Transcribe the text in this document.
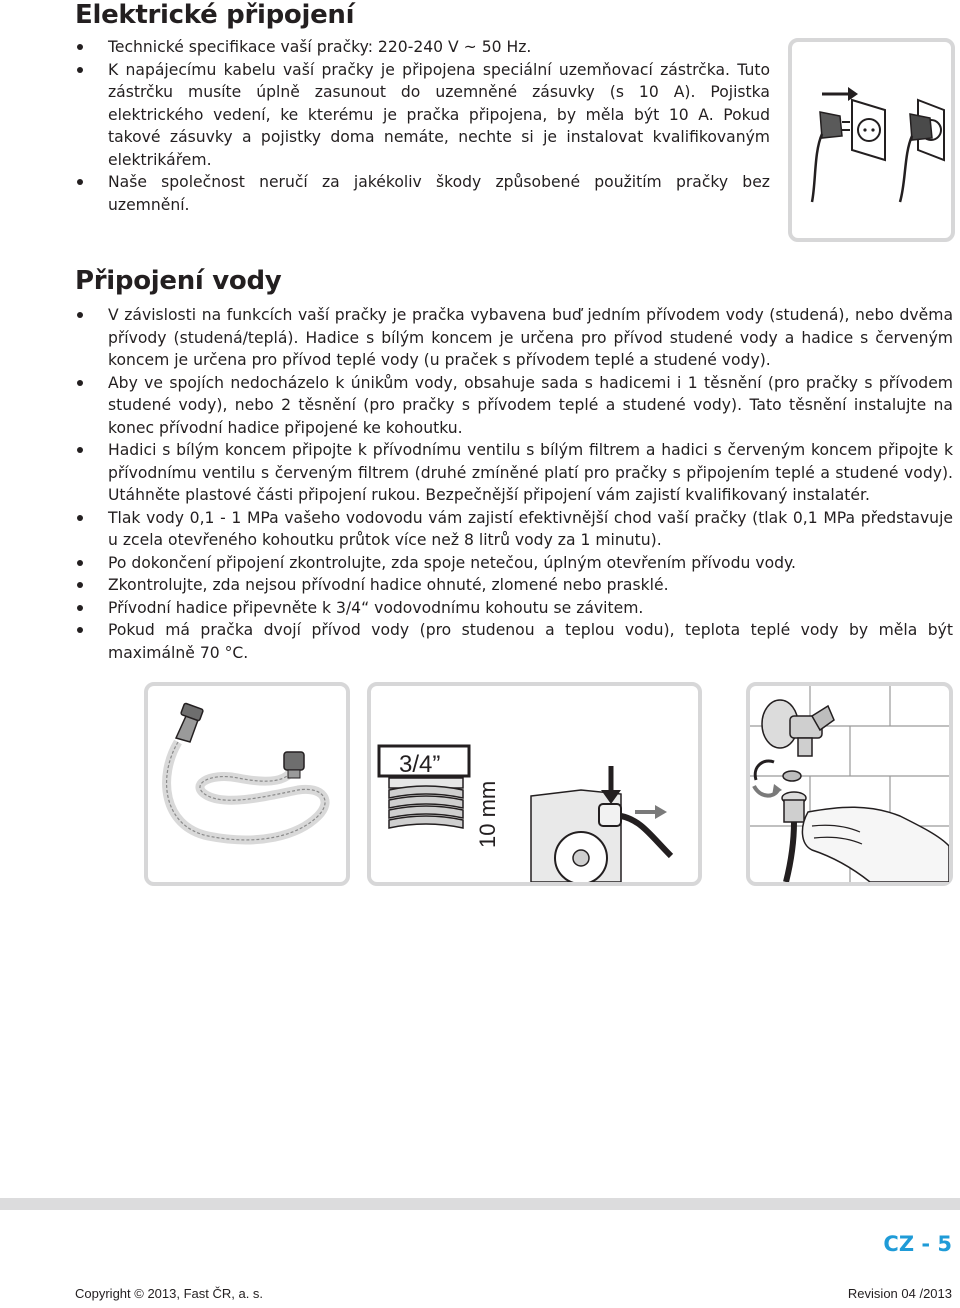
Elektrické připojení
Technické specifikace vaší pračky: 220-240 V ~ 50 Hz.
K napájecímu kabelu vaší pračky je připojena speciální uzemňovací zástrčka. Tuto zástrčku musíte úplně zasunout do uzemněné zásuvky (s 10 A). Pojistka elektrického vedení, ke kterému je pračka připojena, by měla být 10 A. Pokud takové zásuvky a pojistky doma nemáte, nechte si je instalovat kvalifikovaným elektrikářem.
Naše společnost neručí za jakékoliv škody způsobené použitím pračky bez uzemnění.
Připojení vody
V závislosti na funkcích vaší pračky je pračka vybavena buď jedním přívodem vody (studená), nebo dvěma přívody (studená/teplá). Hadice s bílým koncem je určena pro přívod studené vody a hadice s červeným koncem je určena pro přívod teplé vody (u praček s přívodem teplé a studené vody).
Aby ve spojích nedocházelo k únikům vody, obsahuje sada s hadicemi i 1 těsnění (pro pračky s přívodem studené vody), nebo 2 těsnění (pro pračky s přívodem teplé a studené vody). Tato těsnění instalujte na konec přívodní hadice připojené ke kohoutku.
Hadici s bílým koncem připojte k přívodnímu ventilu s bílým filtrem a hadici s červeným koncem připojte k přívodnímu ventilu s červeným filtrem (druhé zmíněné platí pro pračky s připojením teplé a studené vody). Utáhněte plastové části připojení rukou. Bezpečnější připojení vám zajistí kvalifikovaný instalatér.
Tlak vody 0,1 - 1 MPa vašeho vodovodu vám zajistí efektivnější chod vaší pračky (tlak 0,1 MPa představuje u zcela otevřeného kohoutku průtok více než 8 litrů vody za 1 minutu).
Po dokončení připojení zkontrolujte, zda spoje netečou, úplným otevřením přívodu vody.
Zkontrolujte, zda nejsou přívodní hadice ohnuté, zlomené nebo prasklé.
Přívodní hadice připevněte k 3/4“ vodovodnímu kohoutu se závitem.
Pokud má pračka dvojí přívod vody (pro studenou a teplou vodu), teplota teplé vody by měla být maximálně 70 °C.
3/4”
10 mm
CZ - 5
Copyright © 2013, Fast ČR, a. s.	Revision 04 /2013
